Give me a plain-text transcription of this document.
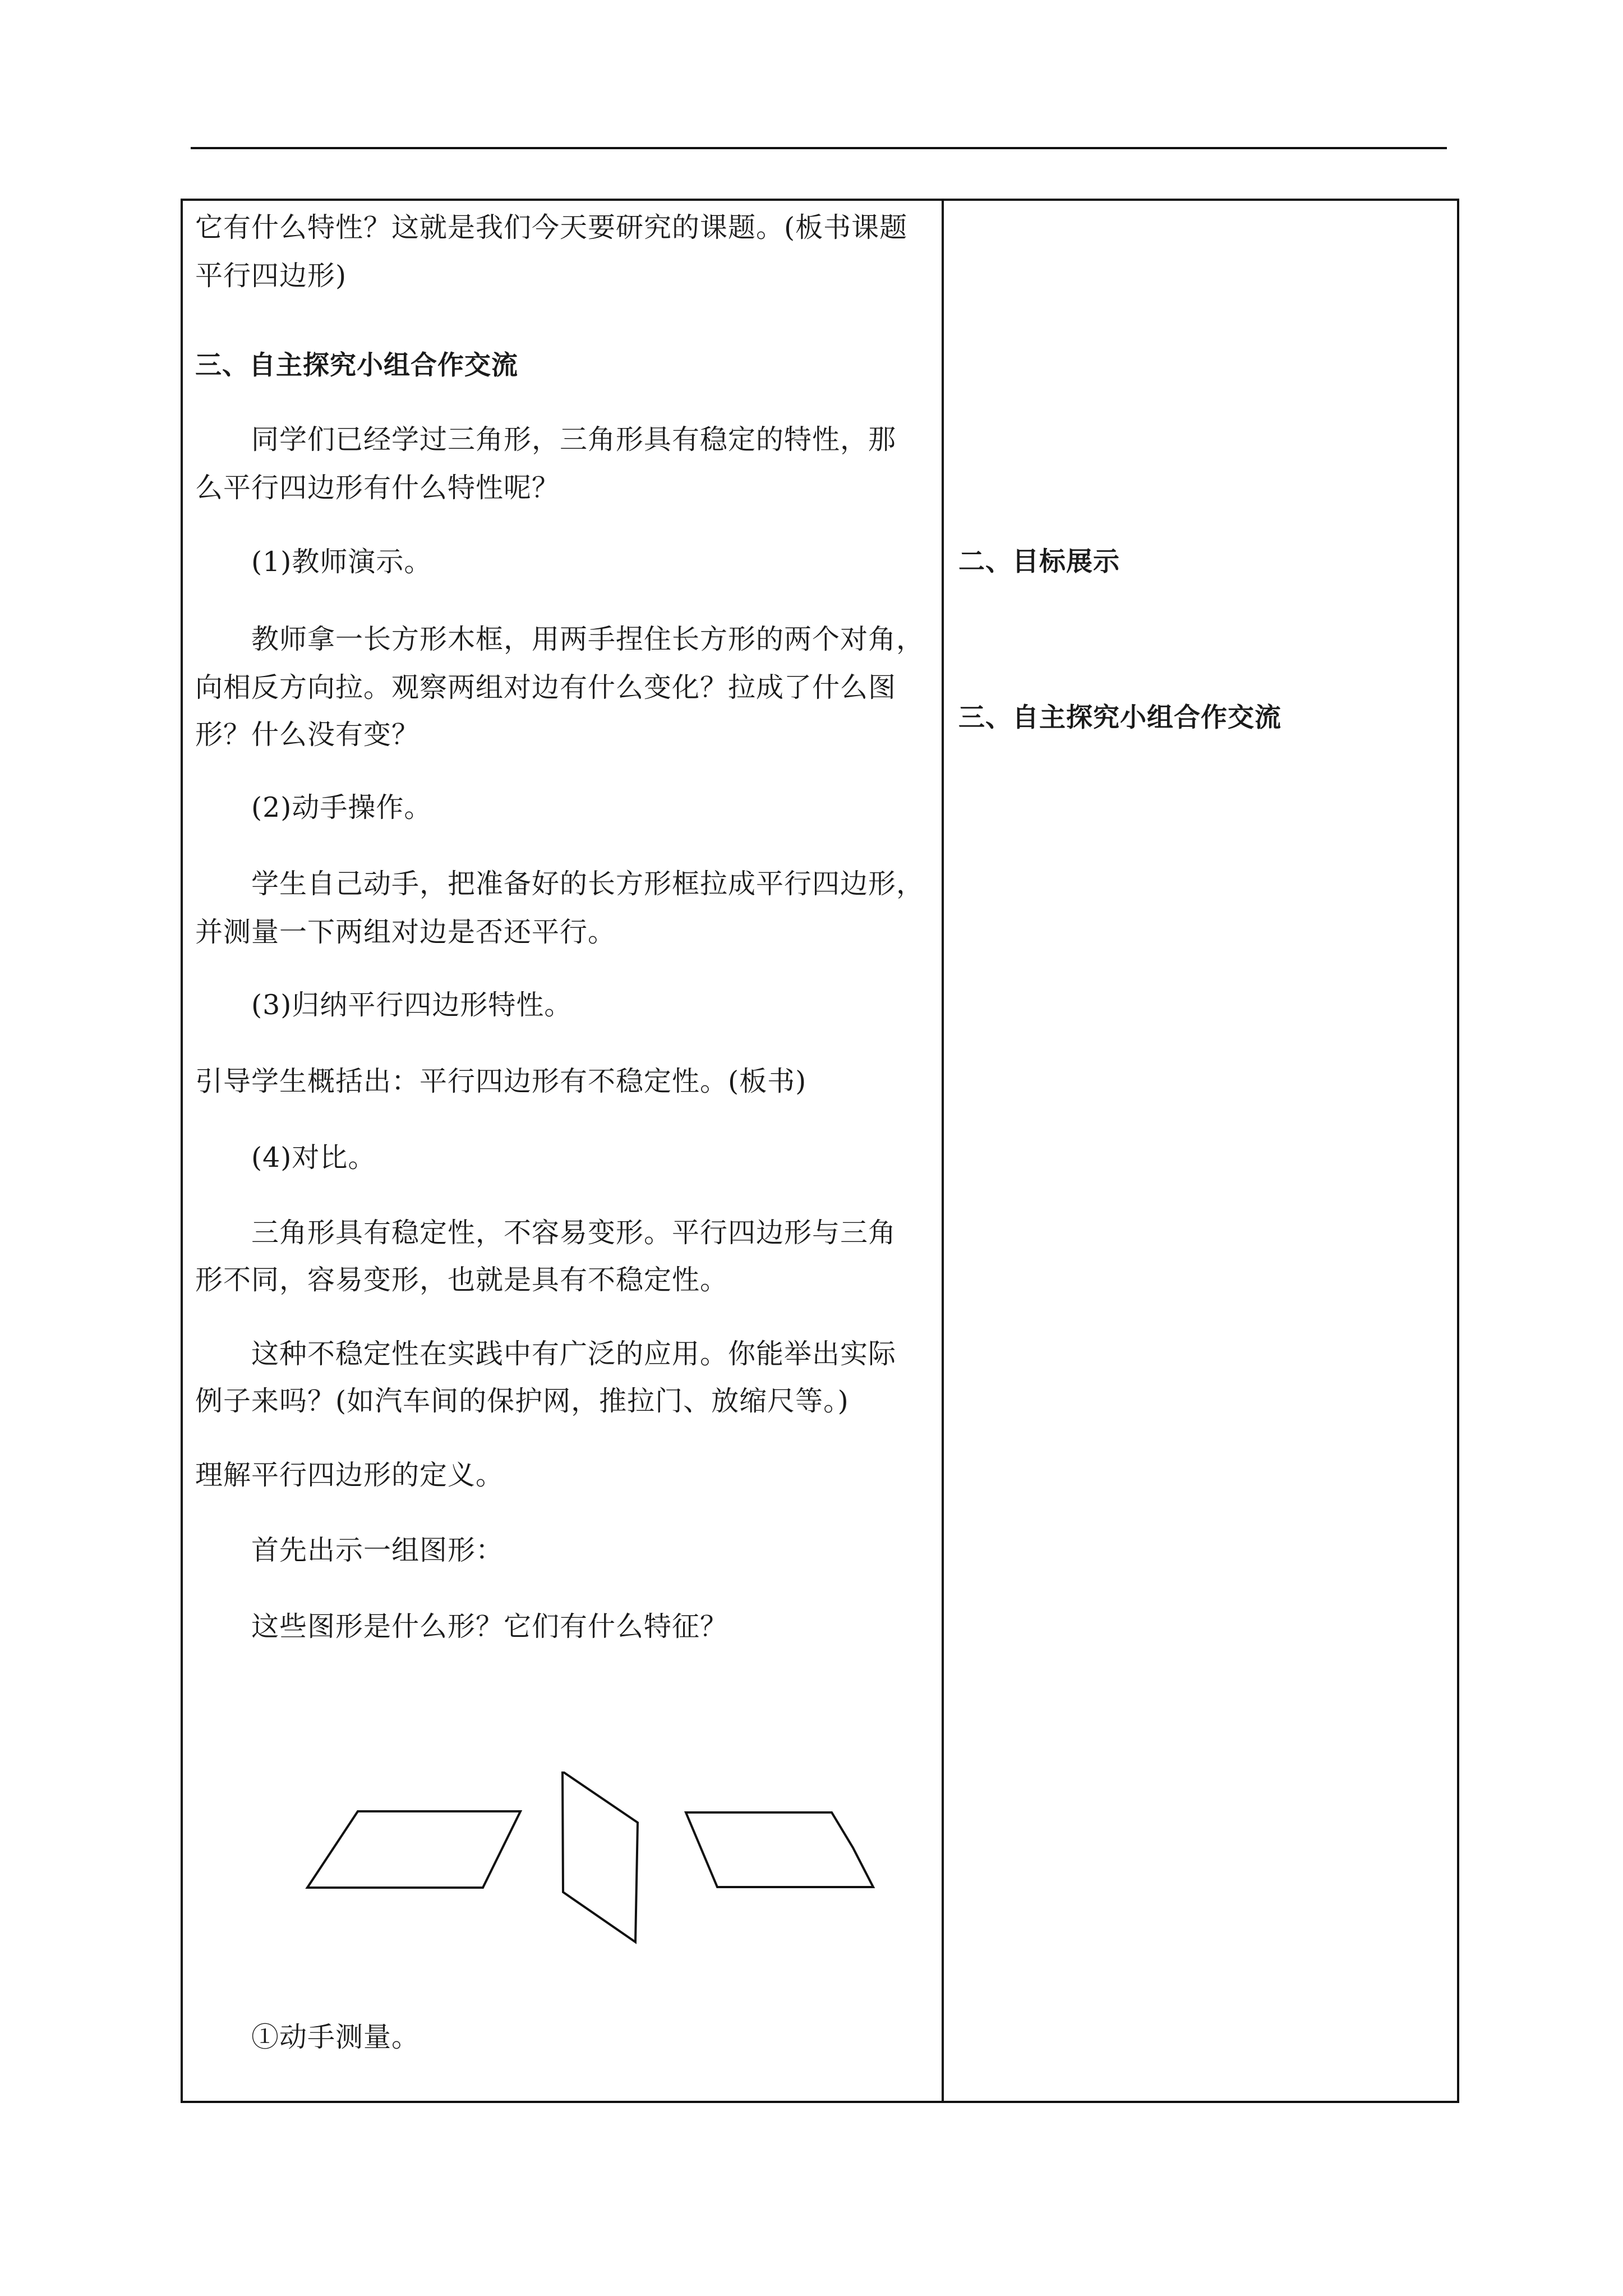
它有什么特性？这就是我们今天要研究的课题。(板书课题
平行四边形)
三、自主探究小组合作交流
同学们已经学过三角形，三角形具有稳定的特性，那
么平行四边形有什么特性呢？
(1)教师演示。
教师拿一长方形木框，用两手捏住长方形的两个对角，
向相反方向拉。观察两组对边有什么变化？拉成了什么图
形？什么没有变？
(2)动手操作。
学生自己动手，把准备好的长方形框拉成平行四边形，
并测量一下两组对边是否还平行。
(3)归纳平行四边形特性。
引导学生概括出：平行四边形有不稳定性。(板书)
(4)对比。
三角形具有稳定性，不容易变形。平行四边形与三角
形不同，容易变形，也就是具有不稳定性。
这种不稳定性在实践中有广泛的应用。你能举出实际
例子来吗？(如汽车间的保护网，推拉门、放缩尺等。)
理解平行四边形的定义。
首先出示一组图形：
这些图形是什么形？它们有什么特征？
①动手测量。
二、目标展示
三、自主探究小组合作交流
